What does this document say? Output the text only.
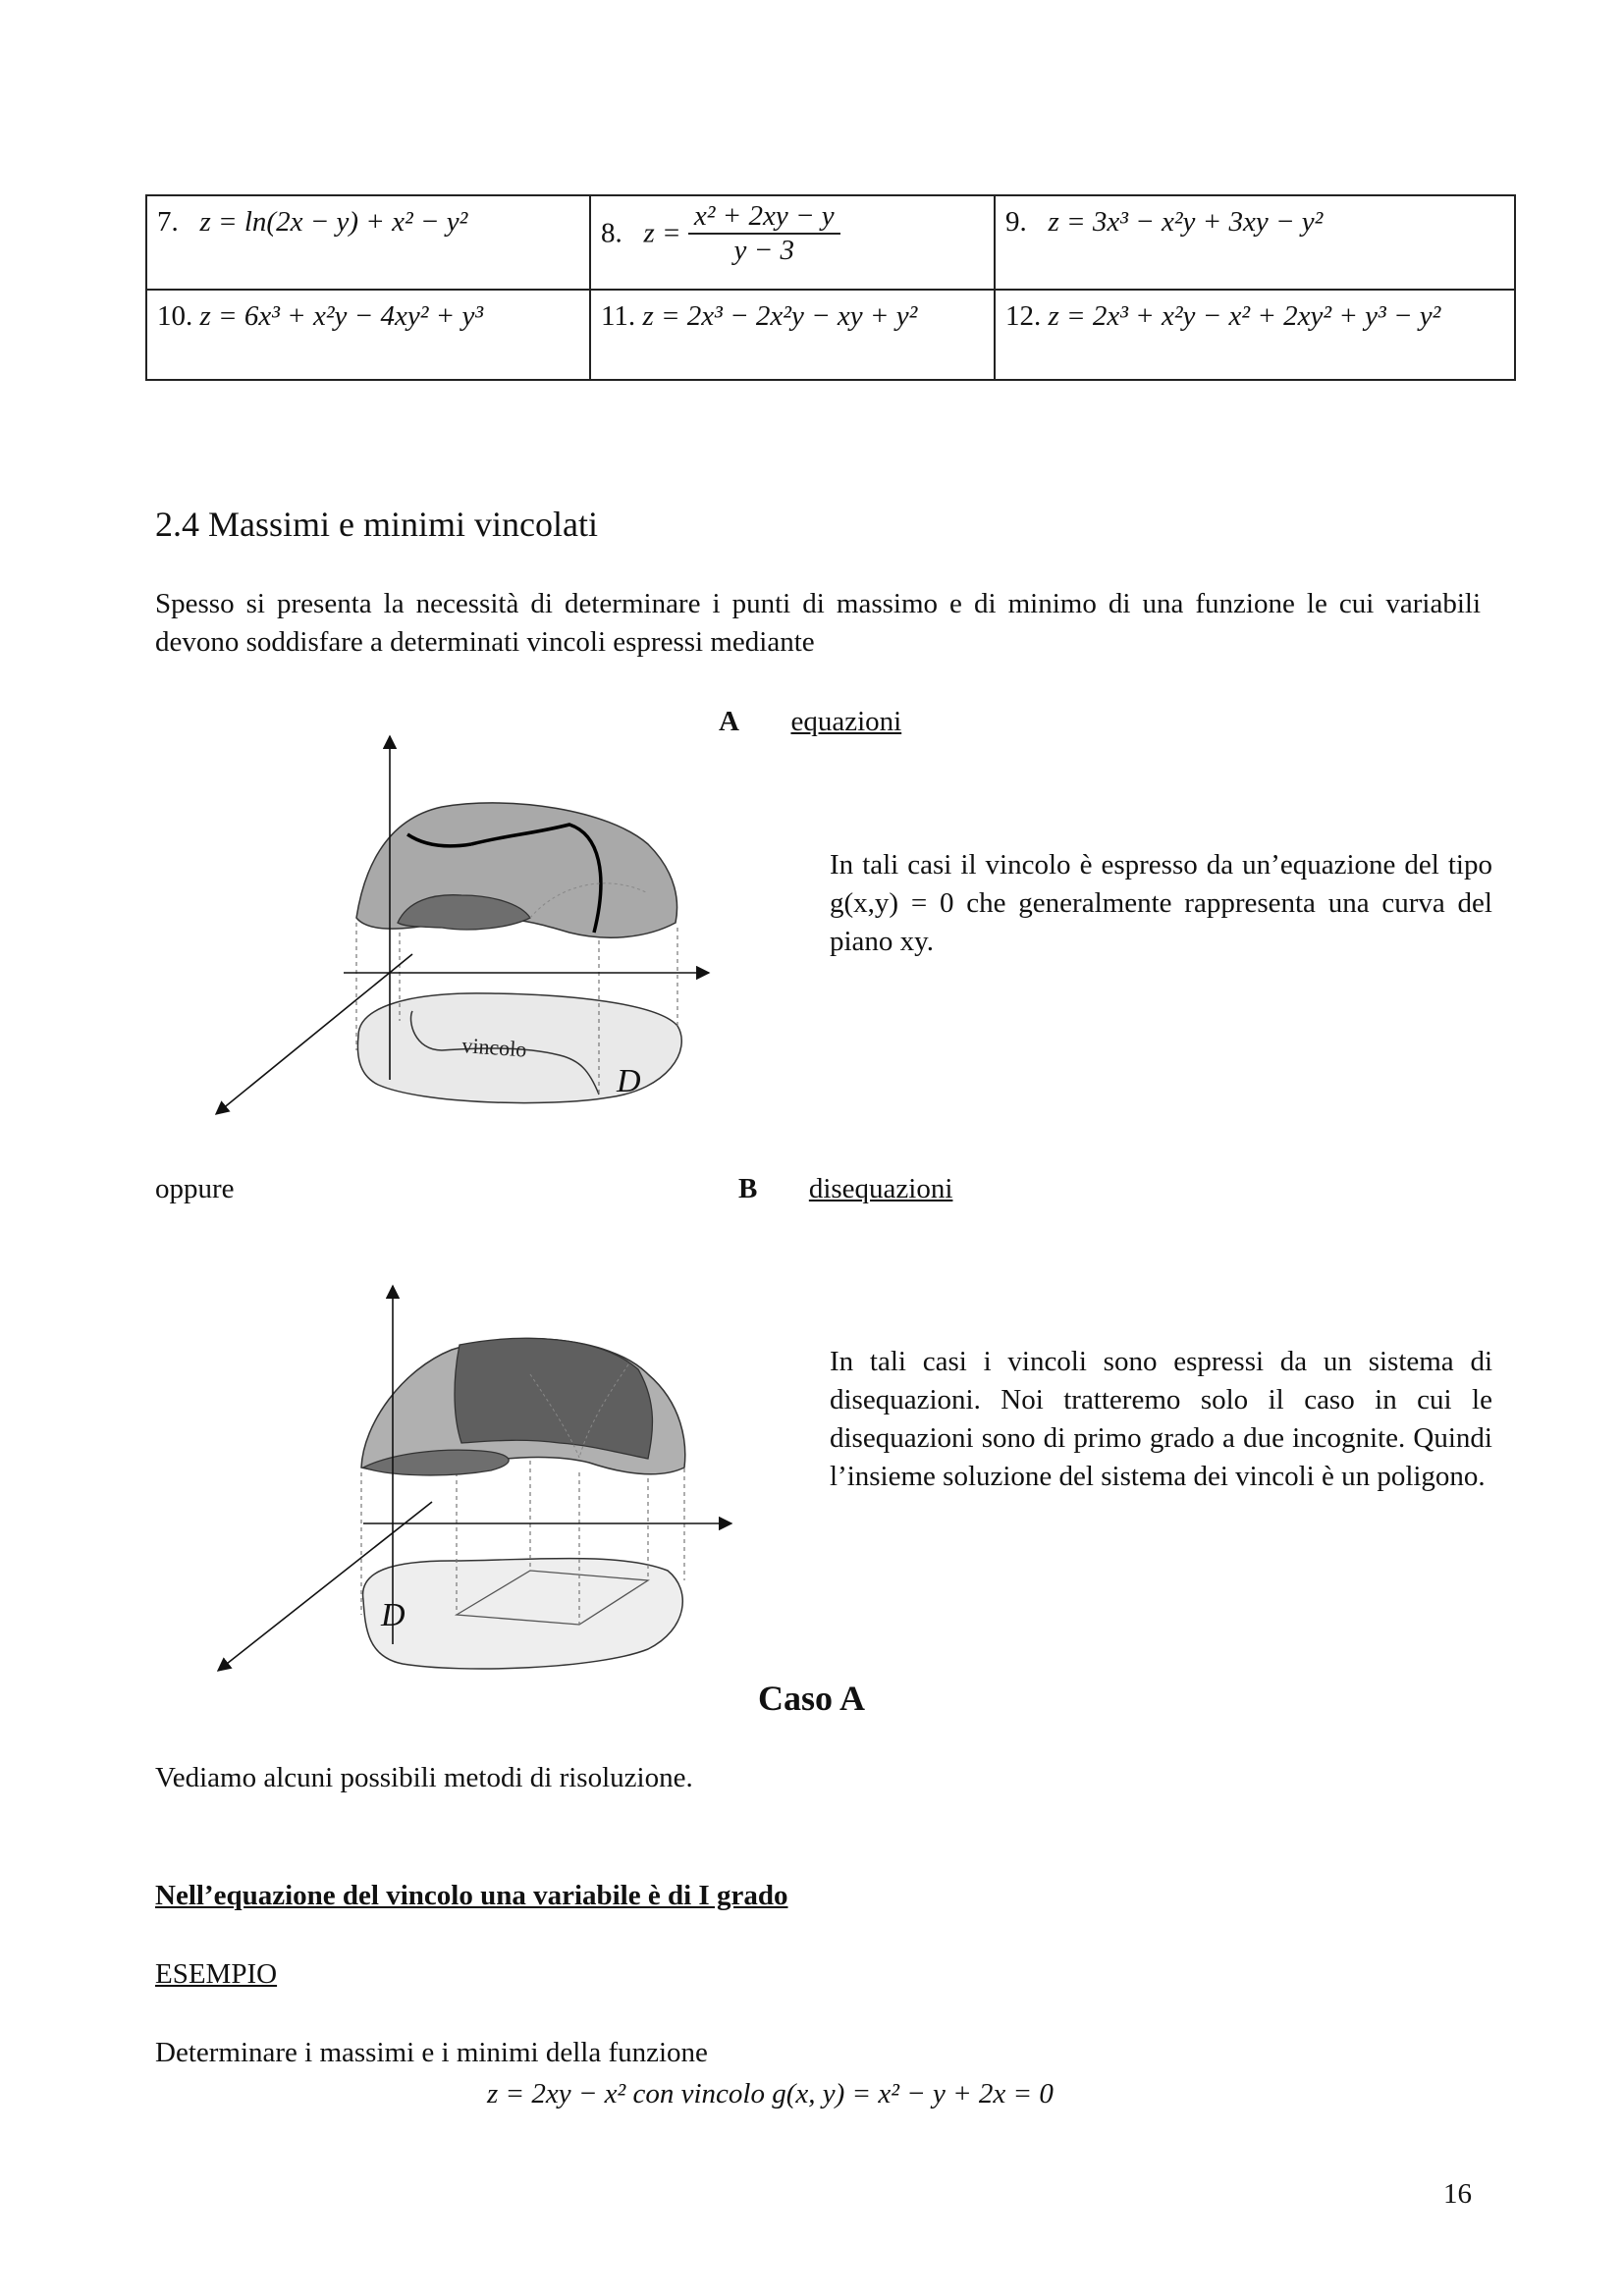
7. z = ln(2x − y) + x² − y²	8. $z = \frac{\text{x² + 2xy − y}}{y - 3}$	9. z = 3x³ − x²y + 3xy − y²
10. z = 6x³ + x²y − 4xy² + y³	11. z = 2x³ − 2x²y − xy + y²	12. z = 2x³ + x²y − x² + 2xy² + y³ − y²
2.4 Massimi e minimi vincolati
Spesso si presenta la necessità di determinare i punti di massimo e di minimo di una funzione le cui variabili devono soddisfare a determinati vincoli espressi mediante
A equazioni
vincolo
D
In tali casi il vincolo è espresso da un’equazione del tipo g(x,y) = 0 che generalmente rappresenta una curva del piano xy.
oppure	B disequazioni
D
In tali casi i vincoli sono espressi da un sistema di disequazioni. Noi tratteremo solo il caso in cui le disequazioni sono di primo grado a due incognite. Quindi l’insieme soluzione del sistema dei vincoli è un poligono.
Caso A
Vediamo alcuni possibili metodi di risoluzione.
Nell’equazione del vincolo una variabile è di I grado
ESEMPIO
Determinare i massimi e i minimi della funzione
z = 2xy − x² con vincolo g(x, y) = x² − y + 2x = 0
16
